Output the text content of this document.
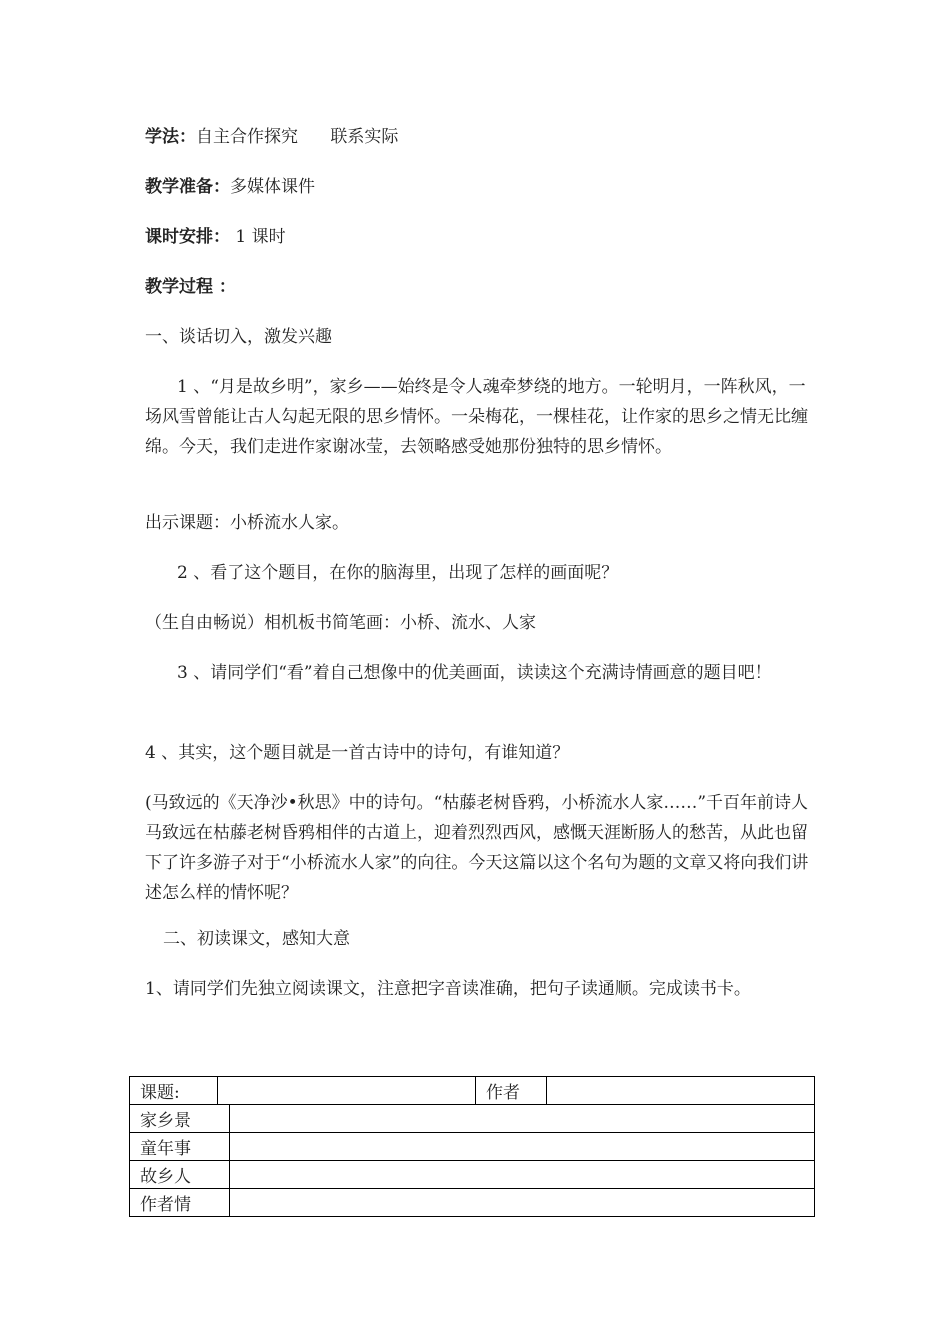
学法：自主合作探究      联系实际
教学准备：多媒体课件
课时安排： 1 课时
教学过程 ：
一、谈话切入，激发兴趣
1 、“月是故乡明”，家乡——始终是令人魂牵梦绕的地方。一轮明月，一阵秋风，一场风雪曾能让古人勾起无限的思乡情怀。一朵梅花，一棵桂花，让作家的思乡之情无比缠绵。今天，我们走进作家谢冰莹，去领略感受她那份独特的思乡情怀。
出示课题：小桥流水人家。
2 、看了这个题目，在你的脑海里，出现了怎样的画面呢？
（生自由畅说）相机板书简笔画：小桥、流水、人家
3 、请同学们“看”着自己想像中的优美画面，读读这个充满诗情画意的题目吧！
4 、其实，这个题目就是一首古诗中的诗句，有谁知道？
(马致远的《天净沙•秋思》中的诗句。“枯藤老树昏鸦，小桥流水人家……”千百年前诗人马致远在枯藤老树昏鸦相伴的古道上，迎着烈烈西风，感慨天涯断肠人的愁苦，从此也留下了许多游子对于“小桥流水人家”的向往。今天这篇以这个名句为题的文章又将向我们讲述怎么样的情怀呢？
二、初读课文，感知大意
1、请同学们先独立阅读课文，注意把字音读准确，把句子读通顺。完成读书卡。
课题:		作者	
家乡景	
童年事	
故乡人	
作者情	
